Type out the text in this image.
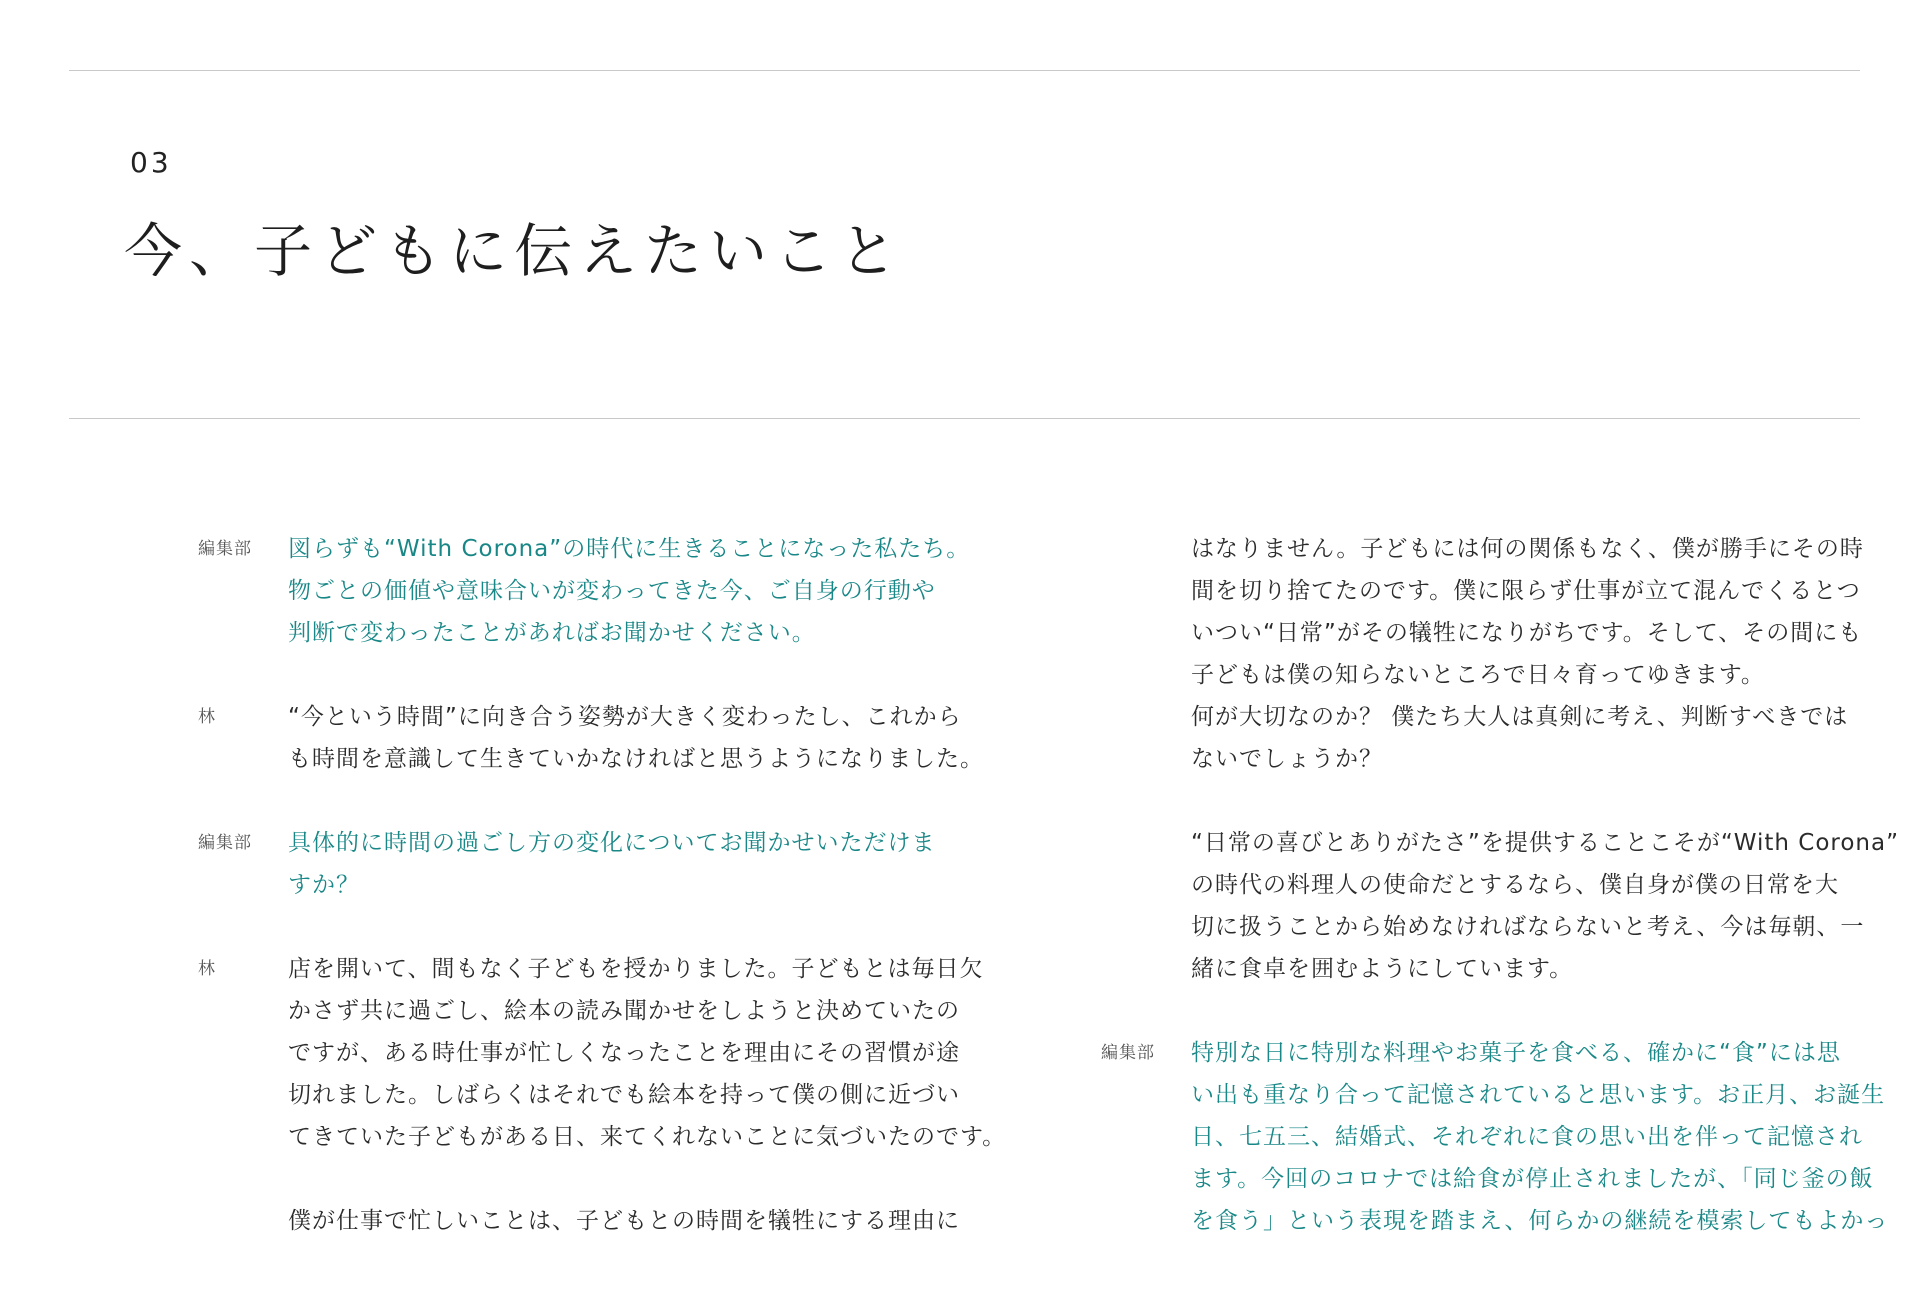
03
今、子どもに伝えたいこと
編集部	図らずも“With Corona”の時代に生きることになった私たち。
物ごとの価値や意味合いが変わってきた今、ご自身の行動や
判断で変わったことがあればお聞かせください。
林	“今という時間”に向き合う姿勢が大きく変わったし、これから
も時間を意識して生きていかなければと思うようになりました。
編集部	具体的に時間の過ごし方の変化についてお聞かせいただけま
すか？
林	店を開いて、間もなく子どもを授かりました。子どもとは毎日欠
かさず共に過ごし、絵本の読み聞かせをしようと決めていたの
ですが、ある時仕事が忙しくなったことを理由にその習慣が途
切れました。しばらくはそれでも絵本を持って僕の側に近づい
てきていた子どもがある日、来てくれないことに気づいたのです。
僕が仕事で忙しいことは、子どもとの時間を犠牲にする理由に
はなりません。子どもには何の関係もなく、僕が勝手にその時
間を切り捨てたのです。僕に限らず仕事が立て混んでくるとつ
いつい“日常”がその犠牲になりがちです。そして、その間にも
子どもは僕の知らないところで日々育ってゆきます。
何が大切なのか？ 僕たち大人は真剣に考え、判断すべきでは
ないでしょうか？
“日常の喜びとありがたさ”を提供することこそが“With Corona”
の時代の料理人の使命だとするなら、僕自身が僕の日常を大
切に扱うことから始めなければならないと考え、今は毎朝、一
緒に食卓を囲むようにしています。
編集部	特別な日に特別な料理やお菓子を食べる、確かに“食”には思
い出も重なり合って記憶されていると思います。お正月、お誕生
日、七五三、結婚式、それぞれに食の思い出を伴って記憶され
ます。今回のコロナでは給食が停止されましたが、「同じ釜の飯
を食う」という表現を踏まえ、何らかの継続を模索してもよかっ
